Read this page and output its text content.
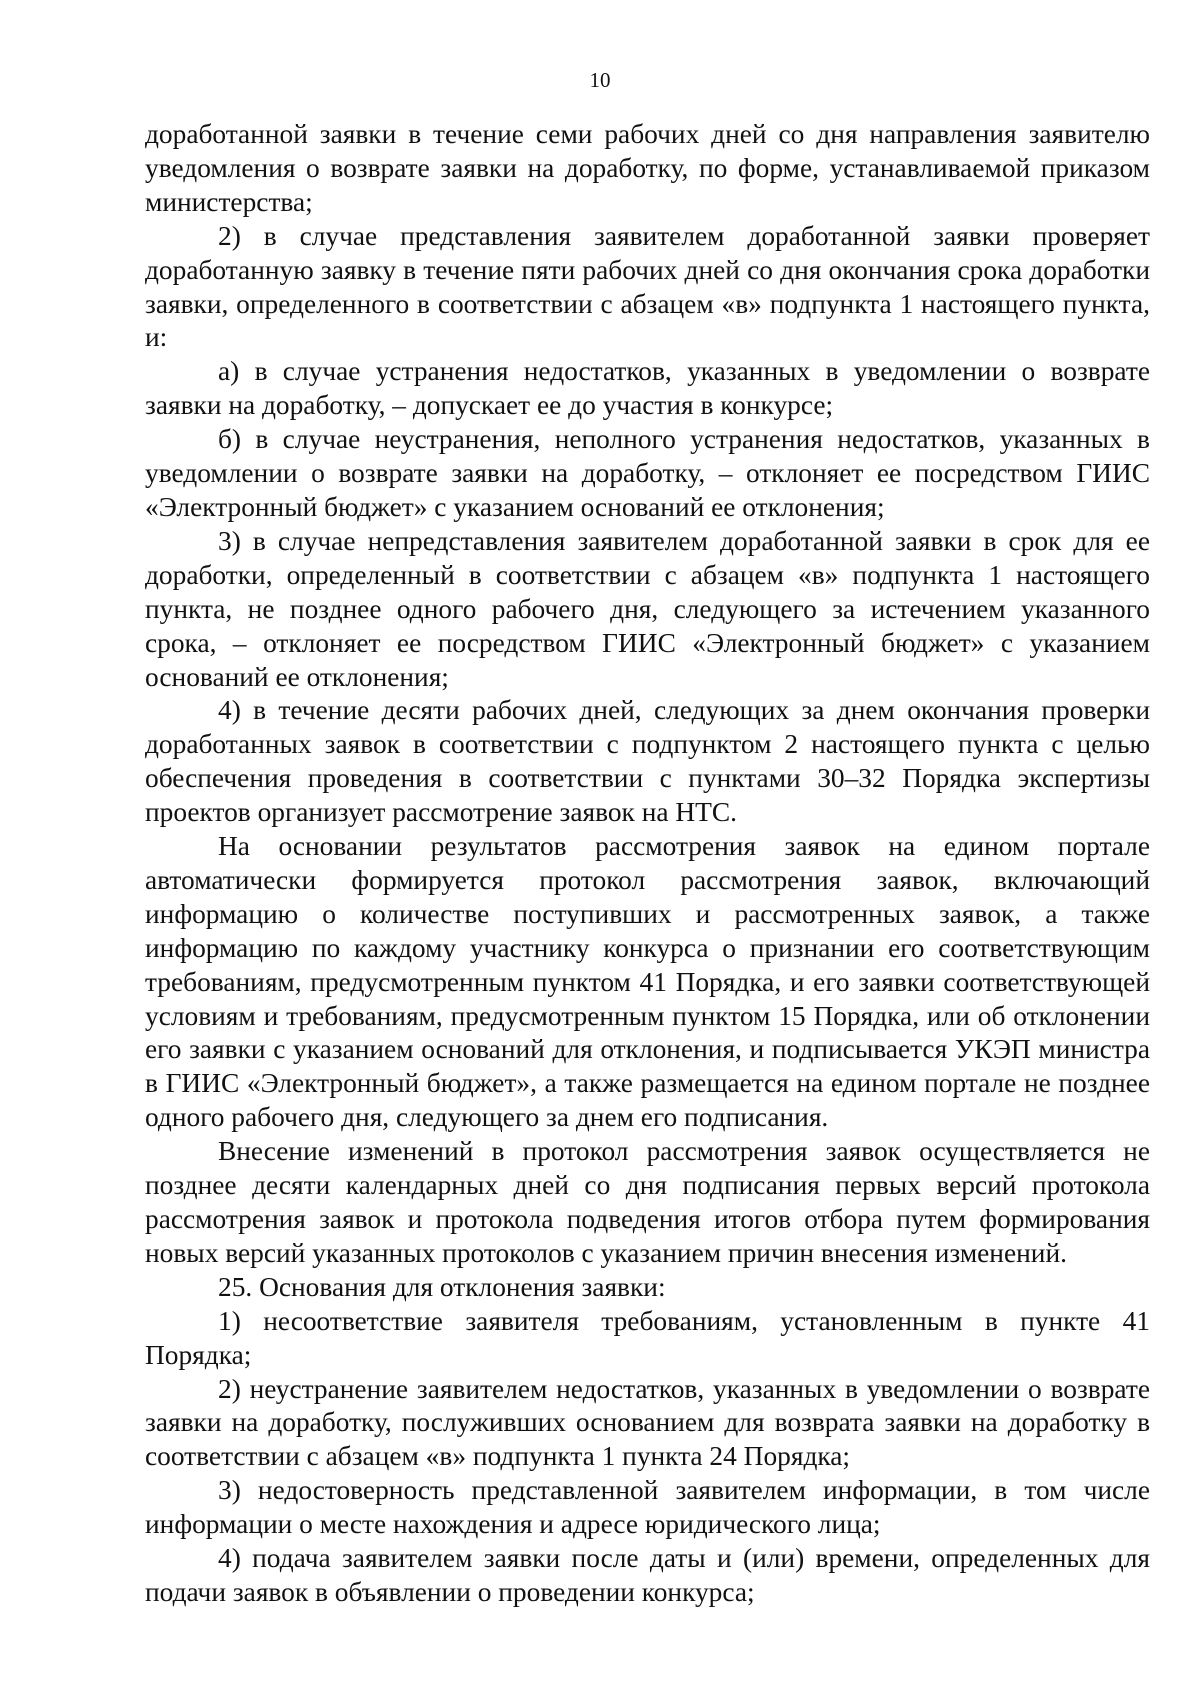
10

доработанной заявки в течение семи рабочих дней со дня направления заявителю уведомления о возврате заявки на доработку, по форме, устанавливаемой приказом министерства;

2) в случае представления заявителем доработанной заявки проверяет доработанную заявку в течение пяти рабочих дней со дня окончания срока доработки заявки, определенного в соответствии с абзацем «в» подпункта 1 настоящего пункта, и:

а) в случае устранения недостатков, указанных в уведомлении о возврате заявки на доработку, – допускает ее до участия в конкурсе;

б) в случае неустранения, неполного устранения недостатков, указанных в уведомлении о возврате заявки на доработку, – отклоняет ее посредством ГИИС «Электронный бюджет» с указанием оснований ее отклонения;

3) в случае непредставления заявителем доработанной заявки в срок для ее доработки, определенный в соответствии с абзацем «в» подпункта 1 настоящего пункта, не позднее одного рабочего дня, следующего за истечением указанного срока, – отклоняет ее посредством ГИИС «Электронный бюджет» с указанием оснований ее отклонения;

4) в течение десяти рабочих дней, следующих за днем окончания проверки доработанных заявок в соответствии с подпунктом 2 настоящего пункта с целью обеспечения проведения в соответствии с пунктами 30–32 Порядка экспертизы проектов организует рассмотрение заявок на НТС.

На основании результатов рассмотрения заявок на едином портале автоматически формируется протокол рассмотрения заявок, включающий информацию о количестве поступивших и рассмотренных заявок, а также информацию по каждому участнику конкурса о признании его соответствующим требованиям, предусмотренным пунктом 41 Порядка, и его заявки соответствующей условиям и требованиям, предусмотренным пунктом 15 Порядка, или об отклонении его заявки с указанием оснований для отклонения, и подписывается УКЭП министра в ГИИС «Электронный бюджет», а также размещается на едином портале не позднее одного рабочего дня, следующего за днем его подписания.

Внесение изменений в протокол рассмотрения заявок осуществляется не позднее десяти календарных дней со дня подписания первых версий протокола рассмотрения заявок и протокола подведения итогов отбора путем формирования новых версий указанных протоколов с указанием причин внесения изменений.

25. Основания для отклонения заявки:

1) несоответствие заявителя требованиям, установленным в пункте 41 Порядка;

2) неустранение заявителем недостатков, указанных в уведомлении о возврате заявки на доработку, послуживших основанием для возврата заявки на доработку в соответствии с абзацем «в» подпункта 1 пункта 24 Порядка;

3) недостоверность представленной заявителем информации, в том числе информации о месте нахождения и адресе юридического лица;

4) подача заявителем заявки после даты и (или) времени, определенных для подачи заявок в объявлении о проведении конкурса;
